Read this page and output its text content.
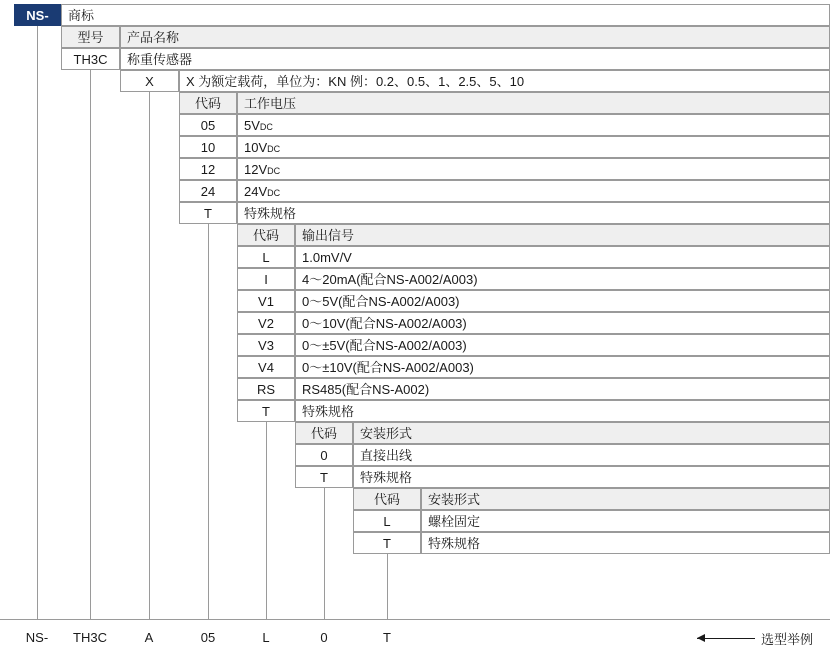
NS-	商标
型号	产品名称
TH3C	称重传感器
X	X 为额定载荷，单位为：KN 例：0.2、0.5、1、2.5、5、10
代码	工作电压
05	5V DC
10	10V DC
12	12V DC
24	24V DC
T	特殊规格
代码	输出信号
L	1.0mV/V
I	4～20mA(配合NS-A002/A003)
V1	0～5V(配合NS-A002/A003)
V2	0～10V(配合NS-A002/A003)
V3	0～±5V(配合NS-A002/A003)
V4	0～±10V(配合NS-A002/A003)
RS	RS485(配合NS-A002)
T	特殊规格
代码	安装形式
0	直接出线
T	特殊规格
代码	安装形式
L	螺栓固定
T	特殊规格
NS-	TH3C	A	05	L	0	T	选型举例
